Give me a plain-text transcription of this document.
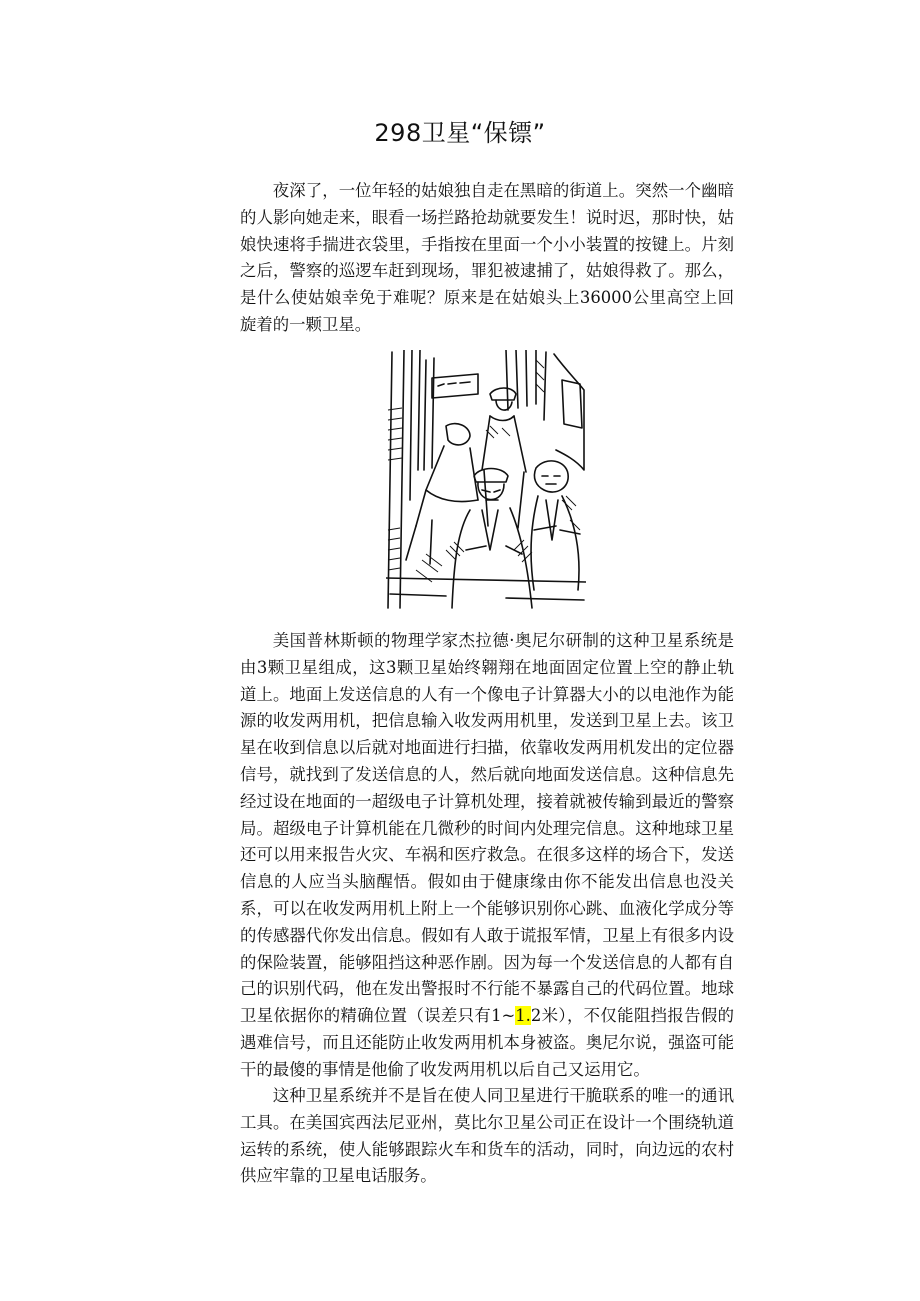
298卫星“保镖”

夜深了，一位年轻的姑娘独自走在黑暗的街道上。突然一个幽暗的人影向她走来，眼看一场拦路抢劫就要发生！说时迟，那时快，姑娘快速将手揣进衣袋里，手指按在里面一个小小装置的按键上。片刻之后，警察的巡逻车赶到现场，罪犯被逮捕了，姑娘得救了。那么，是什么使姑娘幸免于难呢？原来是在姑娘头上36000公里高空上回旋着的一颗卫星。

美国普林斯顿的物理学家杰拉德·奥尼尔研制的这种卫星系统是由3颗卫星组成，这3颗卫星始终翱翔在地面固定位置上空的静止轨道上。地面上发送信息的人有一个像电子计算器大小的以电池作为能源的收发两用机，把信息输入收发两用机里，发送到卫星上去。该卫星在收到信息以后就对地面进行扫描，依靠收发两用机发出的定位器信号，就找到了发送信息的人，然后就向地面发送信息。这种信息先经过设在地面的一超级电子计算机处理，接着就被传输到最近的警察局。超级电子计算机能在几微秒的时间内处理完信息。这种地球卫星还可以用来报告火灾、车祸和医疗救急。在很多这样的场合下，发送信息的人应当头脑醒悟。假如由于健康缘由你不能发出信息也没关系，可以在收发两用机上附上一个能够识别你心跳、血液化学成分等的传感器代你发出信息。假如有人敢于谎报军情，卫星上有很多内设的保险装置，能够阻挡这种恶作剧。因为每一个发送信息的人都有自己的识别代码，他在发出警报时不行能不暴露自己的代码位置。地球卫星依据你的精确位置（误差只有1~1.2米），不仅能阻挡报告假的遇难信号，而且还能防止收发两用机本身被盗。奥尼尔说，强盗可能干的最傻的事情是他偷了收发两用机以后自己又运用它。

这种卫星系统并不是旨在使人同卫星进行干脆联系的唯一的通讯工具。在美国宾西法尼亚州，莫比尔卫星公司正在设计一个围绕轨道运转的系统，使人能够跟踪火车和货车的活动，同时，向边远的农村供应牢靠的卫星电话服务。
